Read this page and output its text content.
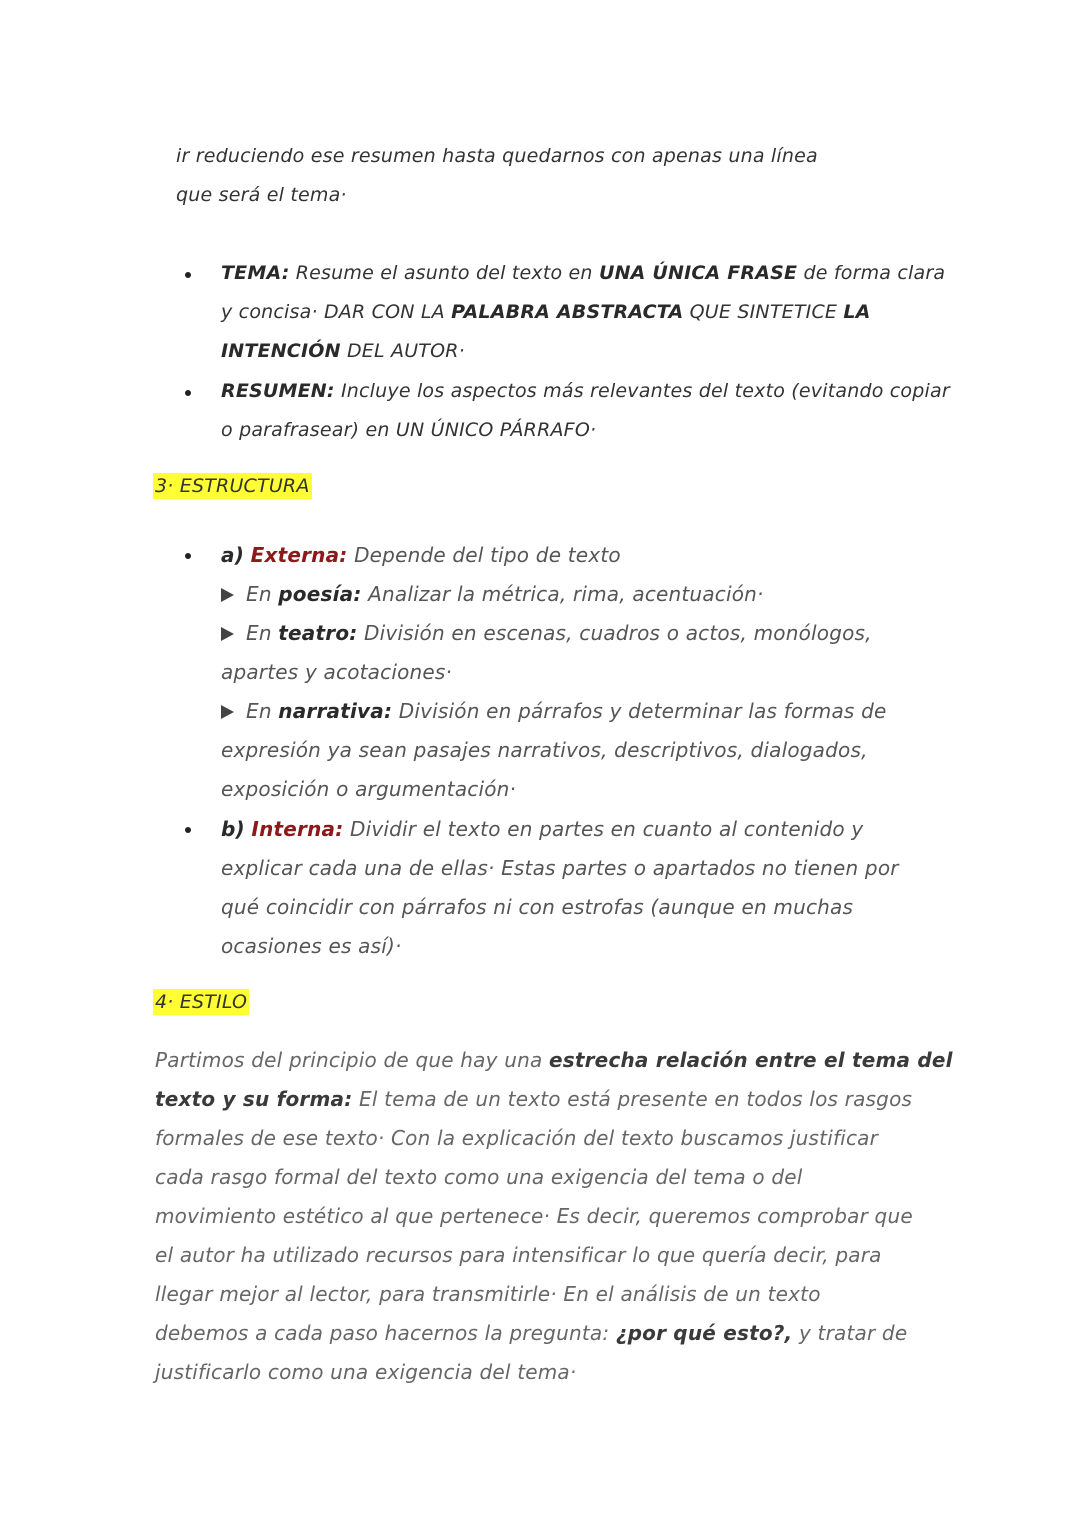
ir reduciendo ese resumen hasta quedarnos con apenas una línea
que será el tema·
TEMA: Resume el asunto del texto en UNA ÚNICA FRASE de forma clara
y concisa· DAR CON LA PALABRA ABSTRACTA QUE SINTETICE LA
INTENCIÓN DEL AUTOR·
RESUMEN: Incluye los aspectos más relevantes del texto (evitando copiar
o parafrasear) en UN ÚNICO PÁRRAFO·
3· ESTRUCTURA
a) Externa: Depende del tipo de texto
En poesía: Analizar la métrica, rima, acentuación·
En teatro: División en escenas, cuadros o actos, monólogos,
apartes y acotaciones·
En narrativa: División en párrafos y determinar las formas de
expresión ya sean pasajes narrativos, descriptivos, dialogados,
exposición o argumentación·
b) Interna: Dividir el texto en partes en cuanto al contenido y
explicar cada una de ellas· Estas partes o apartados no tienen por
qué coincidir con párrafos ni con estrofas (aunque en muchas
ocasiones es así)·
4· ESTILO
Partimos del principio de que hay una estrecha relación entre el tema del
texto y su forma: El tema de un texto está presente en todos los rasgos
formales de ese texto· Con la explicación del texto buscamos justificar
cada rasgo formal del texto como una exigencia del tema o del
movimiento estético al que pertenece· Es decir, queremos comprobar que
el autor ha utilizado recursos para intensificar lo que quería decir, para
llegar mejor al lector, para transmitirle· En el análisis de un texto
debemos a cada paso hacernos la pregunta: ¿por qué esto?, y tratar de
justificarlo como una exigencia del tema·
